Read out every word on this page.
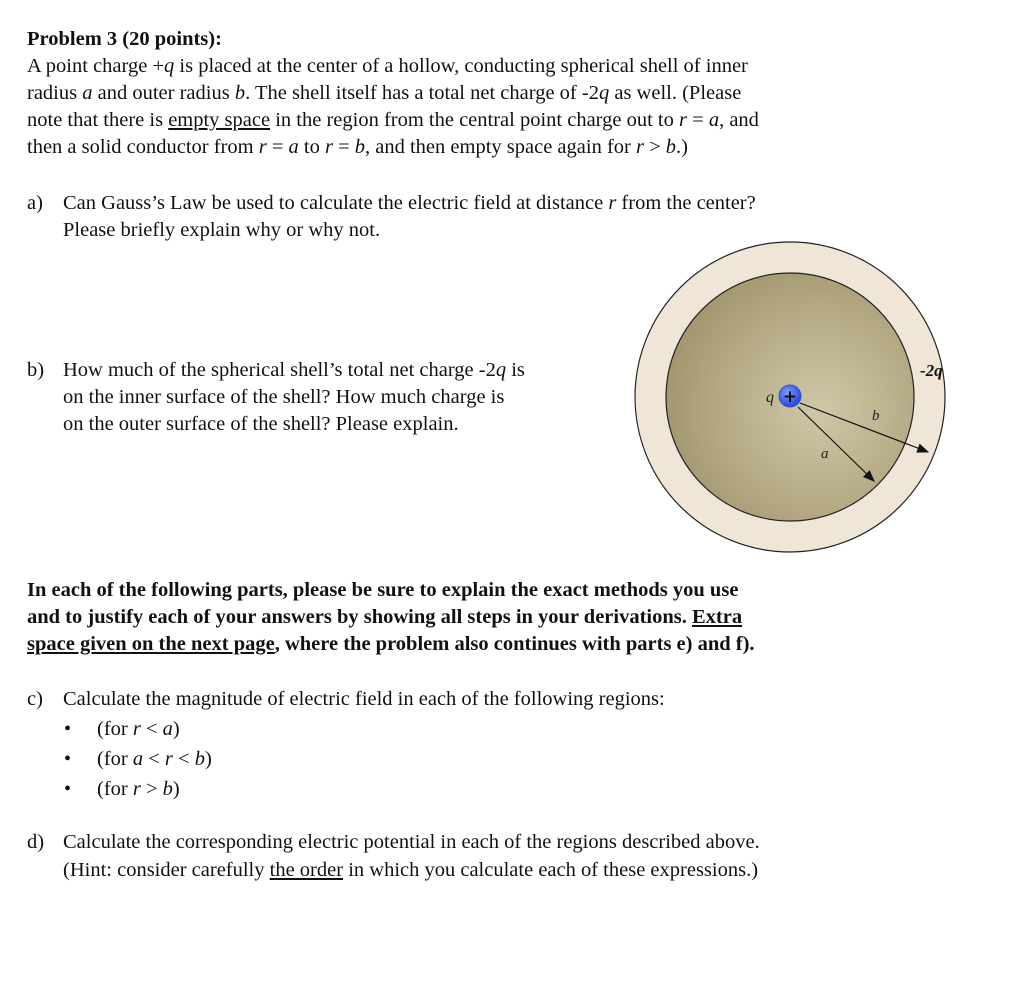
Problem 3 (20 points):
A point charge +q is placed at the center of a hollow, conducting spherical shell of inner
radius a and outer radius b. The shell itself has a total net charge of -2q as well. (Please
note that there is empty space in the region from the central point charge out to r = a, and
then a solid conductor from r = a to r = b, and then empty space again for r > b.)
Can Gauss’s Law be used to calculate the electric field at distance r from the center?
Please briefly explain why or why not.
How much of the spherical shell’s total net charge -2q is
on the inner surface of the shell? How much charge is
on the outer surface of the shell? Please explain.
In each of the following parts, please be sure to explain the exact methods you use
and to justify each of your answers by showing all steps in your derivations. Extra
space given on the next page, where the problem also continues with parts e) and f).
Calculate the magnitude of electric field in each of the following regions:
(for r < a)
(for a < r < b)
(for r > b)
Calculate the corresponding electric potential in each of the regions described above.
(Hint: consider carefully the order in which you calculate each of these expressions.)
a)
b)
c)
d)
•
•
•
+
q
b
a
-2q
